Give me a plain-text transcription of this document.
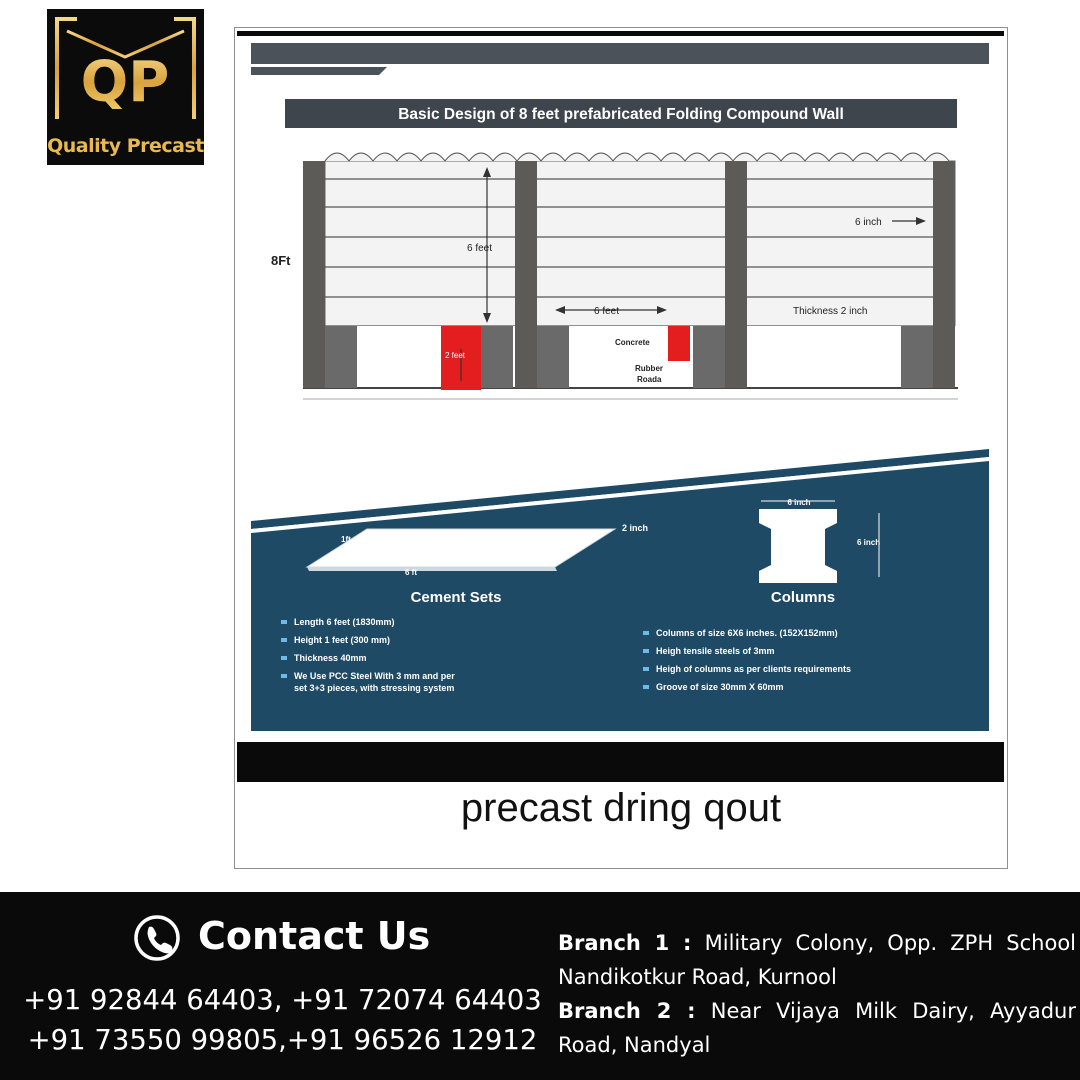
QP
Quality Precast
Basic Design of 8 feet prefabricated Folding Compound Wall
8Ft
6 feet
6 feet
6 inch
Thickness 2 inch
Concrete
Rubber
Roada
2 feet
2 inch
1ft
6 ft
Cement Sets
6 inch
6 inch
Columns
Length 6 feet (1830mm)
Height 1 feet (300 mm)
Thickness 40mm
We Use PCC Steel With 3 mm and per
set 3+3 pieces, with stressing system
Columns of size 6X6 inches. (152X152mm)
Heigh tensile steels of 3mm
Heigh of columns as per clients requirements
Groove of size 30mm X 60mm
precast dring qout
Contact Us
+91 92844 64403, +91 72074 64403
+91 73550 99805,+91 96526 12912
Branch 1 : Military Colony, Opp. ZPH School
Nandikotkur Road, Kurnool
Branch 2 : Near Vijaya Milk Dairy, Ayyadur
Road, Nandyal
